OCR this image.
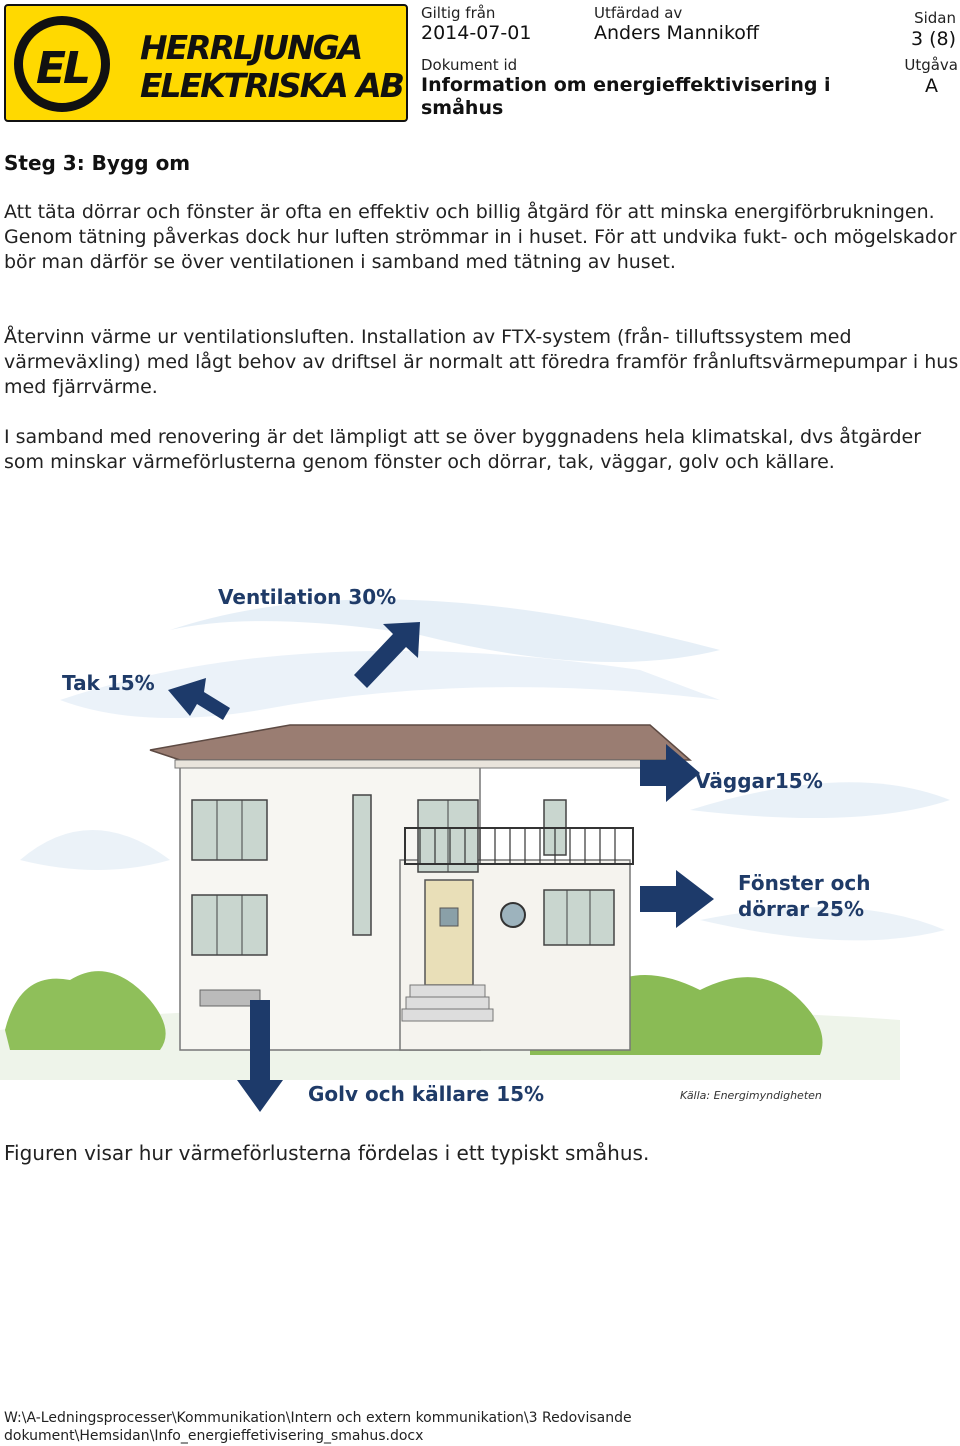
EL	HERRLJUNGA
ELEKTRISKA AB
Giltig från
2014-07-01
Utfärdad av
Anders Mannikoff
Sidan
3 (8)
Dokument id
Information om energieffektivisering i småhus
Utgåva
A
Steg 3: Bygg om

Att täta dörrar och fönster är ofta en effektiv och billig åtgärd för att minska energiförbrukningen. Genom tätning påverkas dock hur luften strömmar in i huset. För att undvika fukt- och mögelskador bör man därför se över ventilationen i samband med tätning av huset.

Återvinn värme ur ventilationsluften. Installation av FTX-system (från- tilluftssystem med värmeväxling) med lågt behov av driftsel är normalt att föredra framför frånluftsvärmepumpar i hus med fjärrvärme.

I samband med renovering är det lämpligt att se över byggnadens hela klimatskal, dvs åtgärder som minskar värmeförlusterna genom fönster och dörrar, tak, väggar, golv och källare.

Ventilation 30%
Tak 15%
Väggar15%
Fönster och
dörrar 25%
Golv och källare 15%	Källa: Energimyndigheten
Figuren visar hur värmeförlusterna fördelas i ett typiskt småhus.
W:\A-Ledningsprocesser\Kommunikation\Intern och extern kommunikation\3 Redovisande
dokument\Hemsidan\Info_energieffetivisering_smahus.docx
